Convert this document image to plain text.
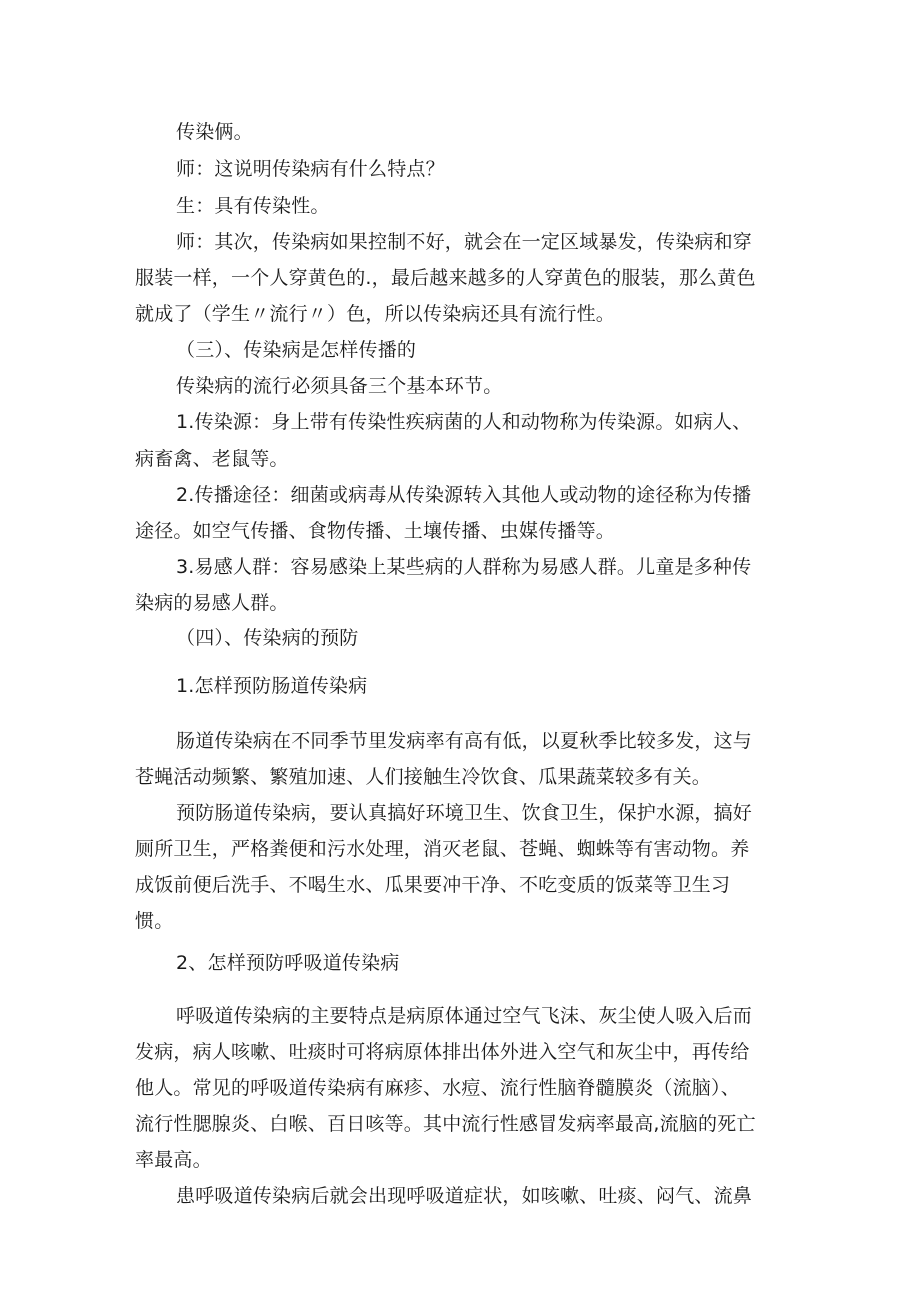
传染俩。
师：这说明传染病有什么特点？
生：具有传染性。
师：其次，传染病如果控制不好，就会在一定区域暴发，传染病和穿
服装一样，一个人穿黄色的.，最后越来越多的人穿黄色的服装，那么黄色
就成了（学生〃流行〃）色，所以传染病还具有流行性。
（三）、传染病是怎样传播的
传染病的流行必须具备三个基本环节。
1.传染源：身上带有传染性疾病菌的人和动物称为传染源。如病人、
病畜禽、老鼠等。
2.传播途径：细菌或病毒从传染源转入其他人或动物的途径称为传播
途径。如空气传播、食物传播、土壤传播、虫媒传播等。
3.易感人群：容易感染上某些病的人群称为易感人群。儿童是多种传
染病的易感人群。
（四）、传染病的预防
1.怎样预防肠道传染病
肠道传染病在不同季节里发病率有高有低，以夏秋季比较多发，这与
苍蝇活动频繁、繁殖加速、人们接触生冷饮食、瓜果蔬菜较多有关。
预防肠道传染病，要认真搞好环境卫生、饮食卫生，保护水源，搞好
厕所卫生，严格粪便和污水处理，消灭老鼠、苍蝇、蜘蛛等有害动物。养
成饭前便后洗手、不喝生水、瓜果要冲干净、不吃变质的饭菜等卫生习
惯。
2、怎样预防呼吸道传染病
呼吸道传染病的主要特点是病原体通过空气飞沫、灰尘使人吸入后而
发病，病人咳嗽、吐痰时可将病原体排出体外进入空气和灰尘中，再传给
他人。常见的呼吸道传染病有麻疹、水痘、流行性脑脊髓膜炎（流脑）、
流行性腮腺炎、白喉、百日咳等。其中流行性感冒发病率最高,流脑的死亡
率最高。
患呼吸道传染病后就会出现呼吸道症状，如咳嗽、吐痰、闷气、流鼻
